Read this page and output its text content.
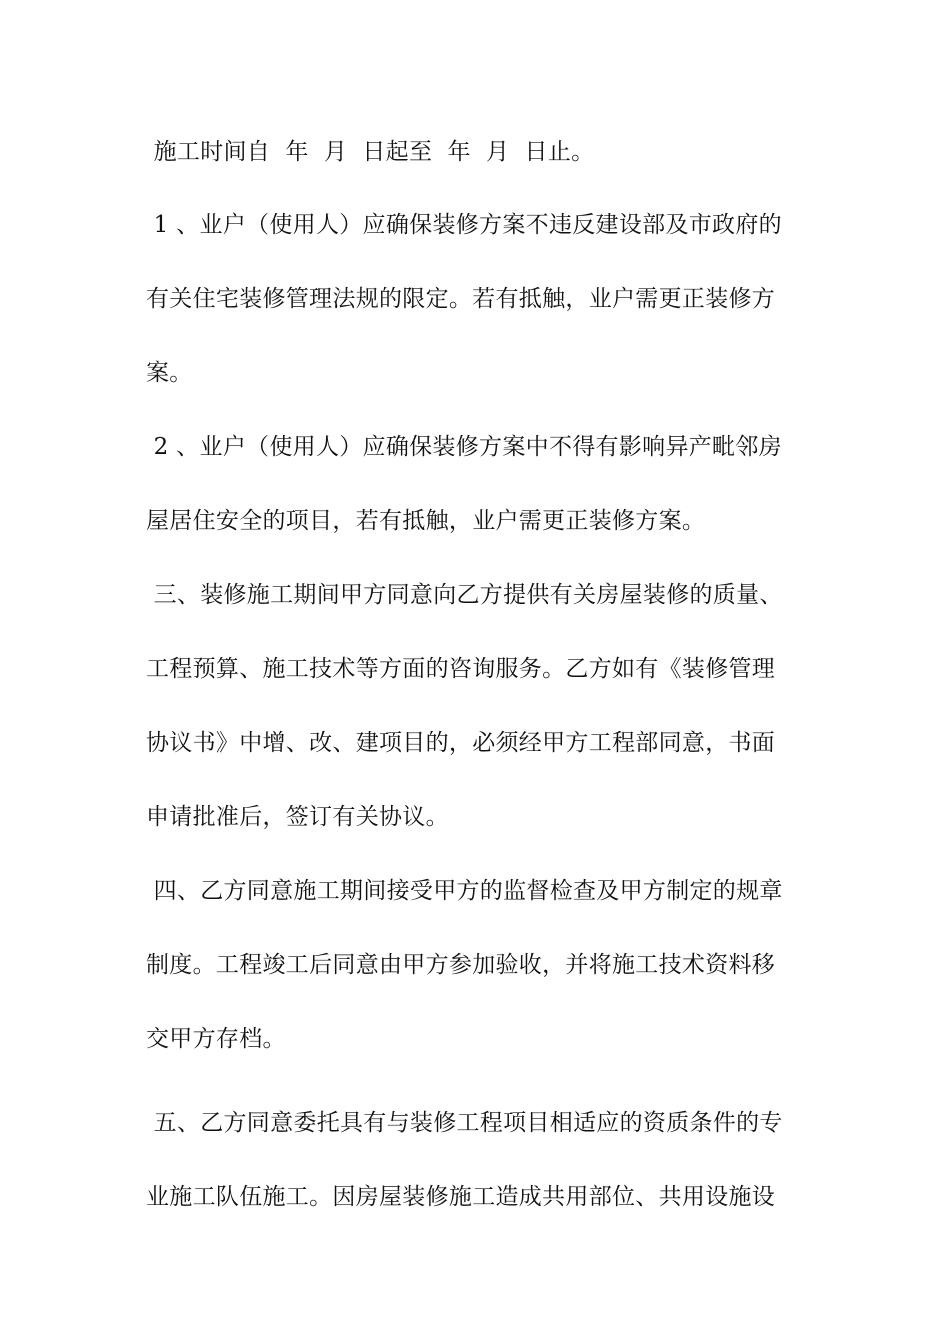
施工时间自  年  月  日起至  年  月  日止。
1 、业户（使用人）应确保装修方案不违反建设部及市政府的
有关住宅装修管理法规的限定。若有抵触，业户需更正装修方
案。
2 、业户（使用人）应确保装修方案中不得有影响异产毗邻房
屋居住安全的项目，若有抵触，业户需更正装修方案。
三、装修施工期间甲方同意向乙方提供有关房屋装修的质量、
工程预算、施工技术等方面的咨询服务。乙方如有《装修管理
协议书》中增、改、建项目的，必须经甲方工程部同意，书面
申请批准后，签订有关协议。
四、乙方同意施工期间接受甲方的监督检查及甲方制定的规章
制度。工程竣工后同意由甲方参加验收，并将施工技术资料移
交甲方存档。
五、乙方同意委托具有与装修工程项目相适应的资质条件的专
业施工队伍施工。因房屋装修施工造成共用部位、共用设施设
